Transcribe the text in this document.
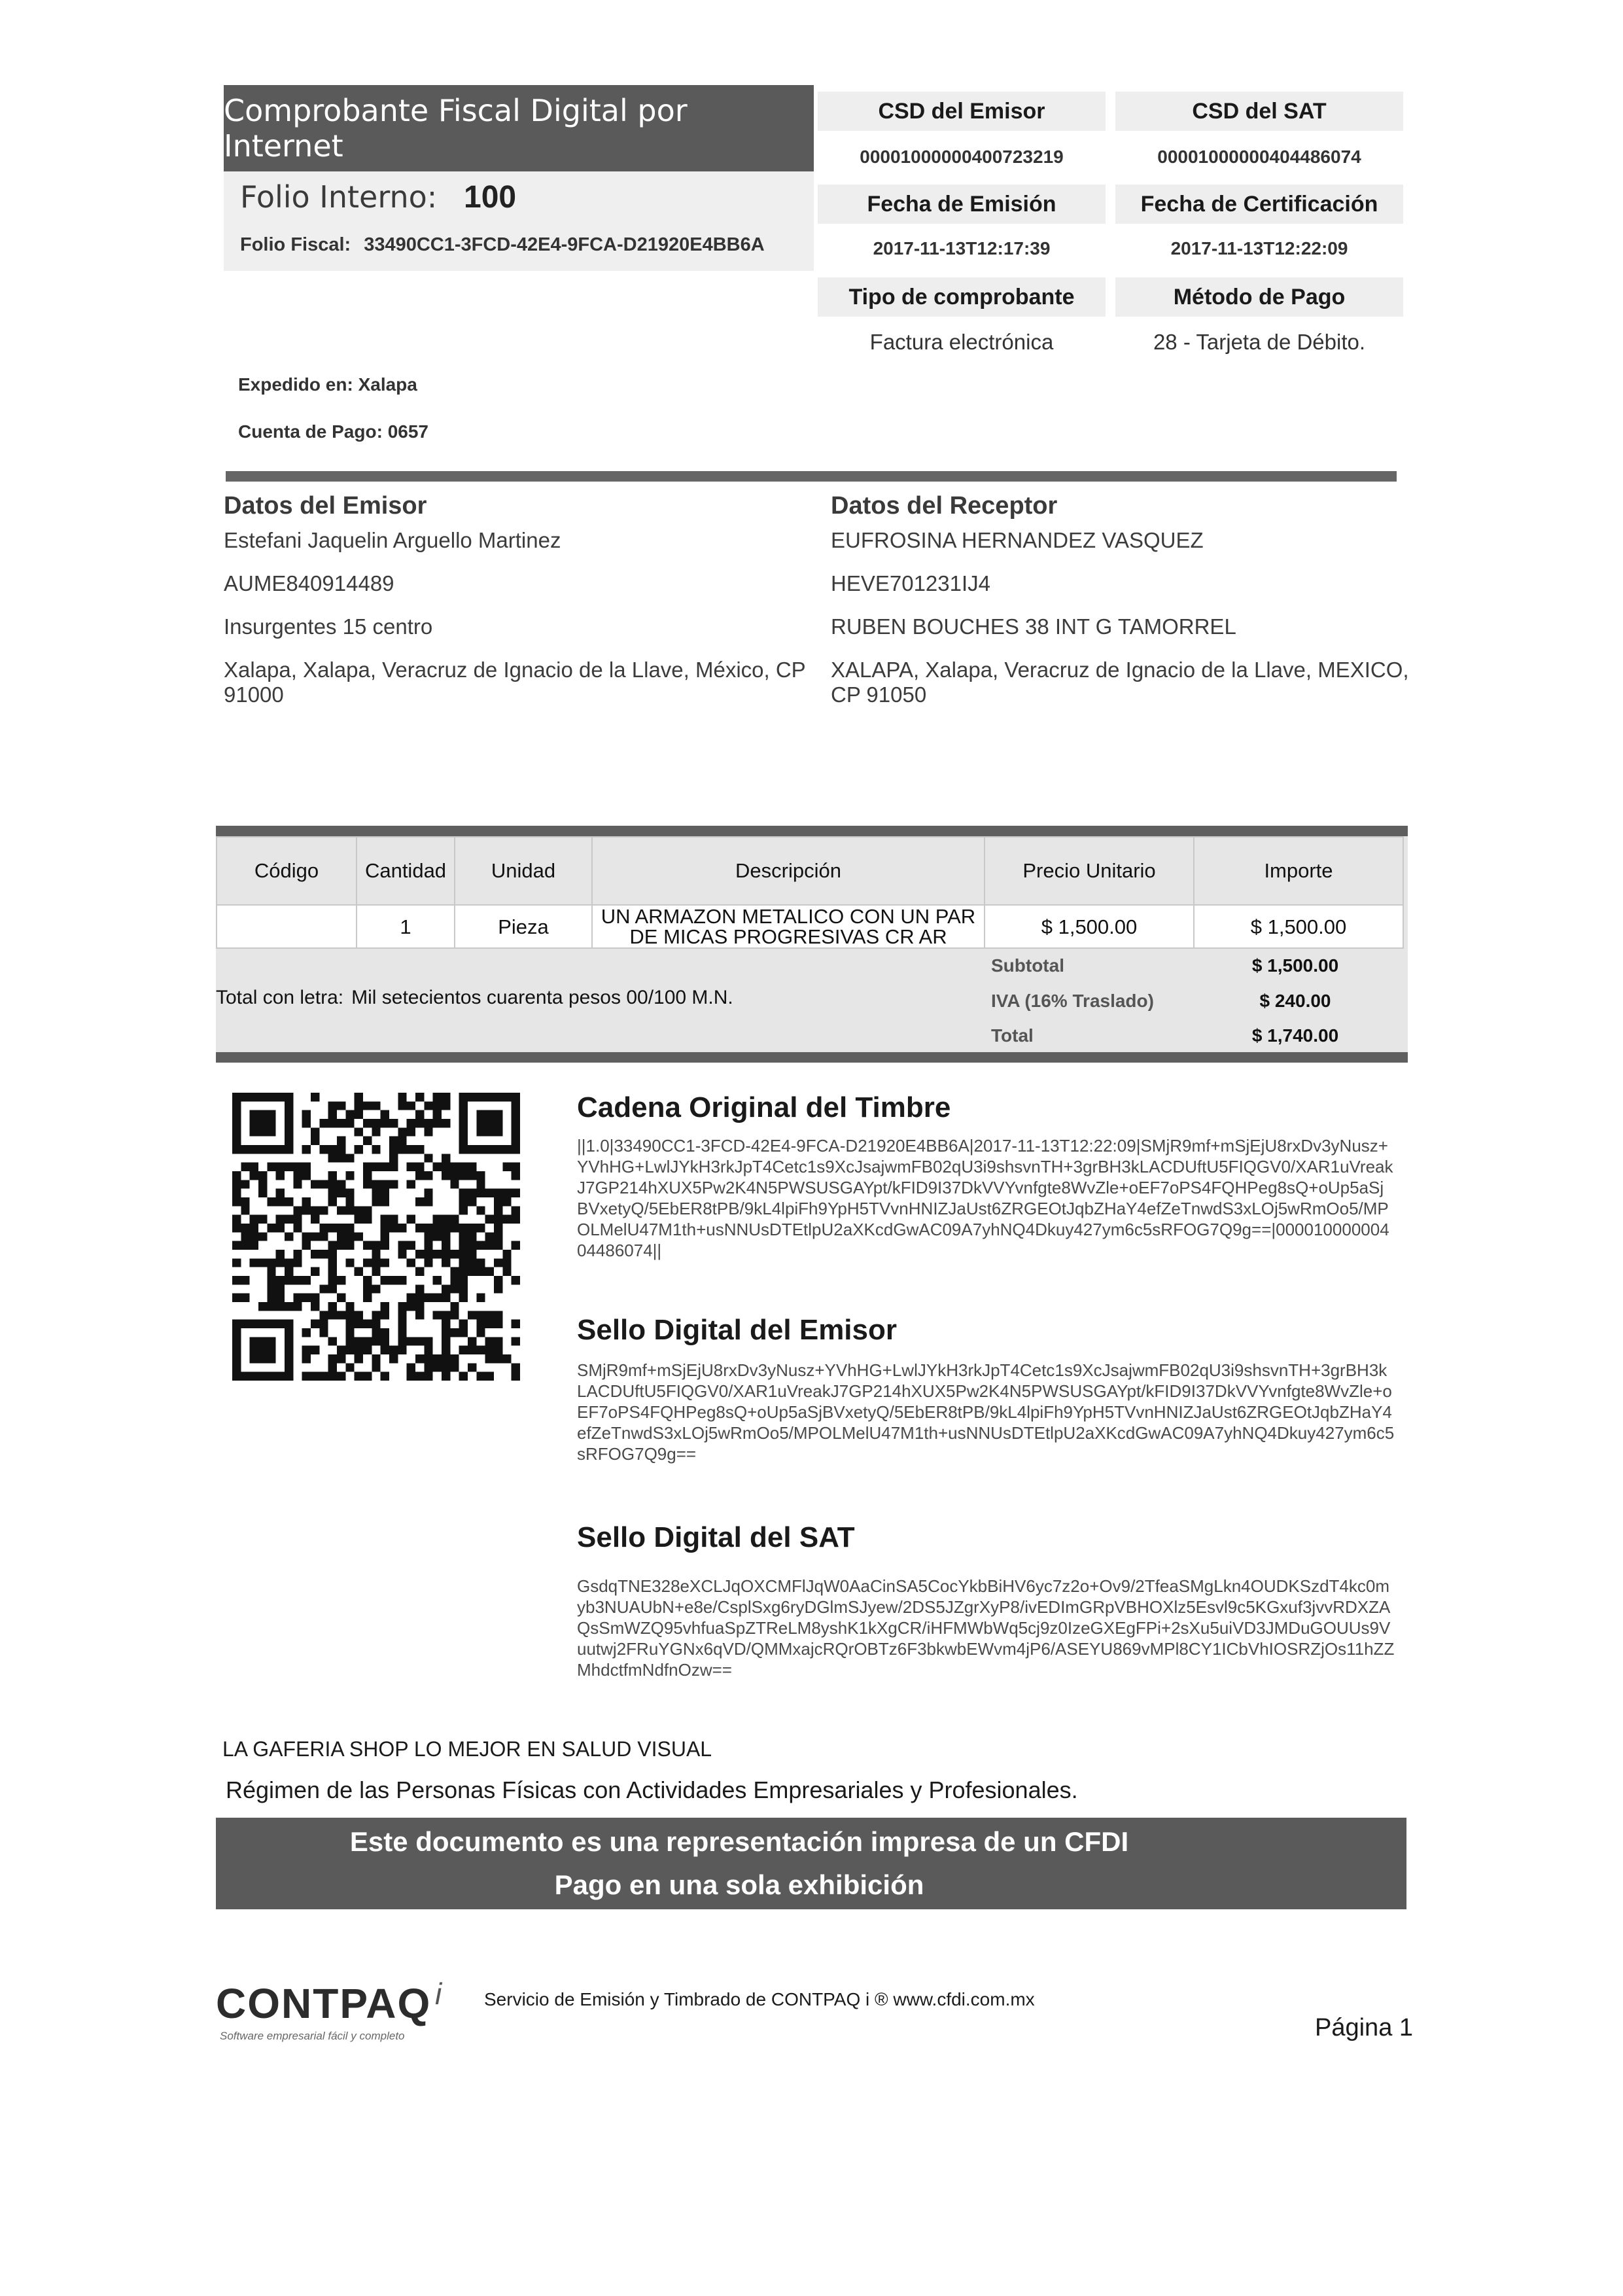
Comprobante Fiscal Digital por Internet
Folio Interno: 100
Folio Fiscal: 33490CC1-3FCD-42E4-9FCA-D21920E4BB6A
CSD del Emisor	CSD del SAT
00001000000400723219	00001000000404486074
Fecha de Emisión	Fecha de Certificación
2017-11-13T12:17:39	2017-11-13T12:22:09
Tipo de comprobante	Método de Pago
Factura electrónica	28 - Tarjeta de Débito.
Expedido en: Xalapa
Cuenta de Pago: 0657
Datos del Emisor
Estefani Jaquelin Arguello Martinez
AUME840914489
Insurgentes 15 centro
Xalapa, Xalapa, Veracruz de Ignacio de la Llave, México, CP 91000
Datos del Receptor
EUFROSINA HERNANDEZ VASQUEZ
HEVE701231IJ4
RUBEN BOUCHES 38 INT G TAMORREL
XALAPA, Xalapa, Veracruz de Ignacio de la Llave, MEXICO, CP 91050
Código	Cantidad	Unidad	Descripción	Precio Unitario	Importe
	1	Pieza	UN ARMAZON METALICO CON UN PAR DE MICAS PROGRESIVAS CR AR	$ 1,500.00	$ 1,500.00
Total con letra: Mil setecientos cuarenta pesos 00/100 M.N.
Subtotal	$ 1,500.00
IVA (16% Traslado)	$ 240.00
Total	$ 1,740.00
Cadena Original del Timbre
||1.0|33490CC1-3FCD-42E4-9FCA-D21920E4BB6A|2017-11-13T12:22:09|SMjR9mf+mSjEjU8rxDv3yNusz+YVhHG+LwlJYkH3rkJpT4Cetc1s9XcJsajwmFB02qU3i9shsvnTH+3grBH3kLACDUftU5FIQGV0/XAR1uVreakJ7GP214hXUX5Pw2K4N5PWSUSGAYpt/kFID9I37DkVVYvnfgte8WvZle+oEF7oPS4FQHPeg8sQ+oUp5aSjBVxetyQ/5EbER8tPB/9kL4lpiFh9YpH5TVvnHNIZJaUst6ZRGEOtJqbZHaY4efZeTnwdS3xLOj5wRmOo5/MPOLMelU47M1th+usNNUsDTEtlpU2aXKcdGwAC09A7yhNQ4Dkuy427ym6c5sRFOG7Q9g==|00001000000404486074||
Sello Digital del Emisor
SMjR9mf+mSjEjU8rxDv3yNusz+YVhHG+LwlJYkH3rkJpT4Cetc1s9XcJsajwmFB02qU3i9shsvnTH+3grBH3kLACDUftU5FIQGV0/XAR1uVreakJ7GP214hXUX5Pw2K4N5PWSUSGAYpt/kFID9I37DkVVYvnfgte8WvZle+oEF7oPS4FQHPeg8sQ+oUp5aSjBVxetyQ/5EbER8tPB/9kL4lpiFh9YpH5TVvnHNIZJaUst6ZRGEOtJqbZHaY4efZeTnwdS3xLOj5wRmOo5/MPOLMelU47M1th+usNNUsDTEtlpU2aXKcdGwAC09A7yhNQ4Dkuy427ym6c5sRFOG7Q9g==
Sello Digital del SAT
GsdqTNE328eXCLJqOXCMFlJqW0AaCinSA5CocYkbBiHV6yc7z2o+Ov9/2TfeaSMgLkn4OUDKSzdT4kc0myb3NUAUbN+e8e/CsplSxg6ryDGlmSJyew/2DS5JZgrXyP8/ivEDImGRpVBHOXlz5Esvl9c5KGxuf3jvvRDXZAQsSmWZQ95vhfuaSpZTReLM8yshK1kXgCR/iHFMWbWq5cj9z0IzeGXEgFPi+2sXu5uiVD3JMDuGOUUs9Vuutwj2FRuYGNx6qVD/QMMxajcRQrOBTz6F3bkwbEWvm4jP6/ASEYU869vMPl8CY1ICbVhIOSRZjOs11hZZMhdctfmNdfnOzw==
LA GAFERIA SHOP LO MEJOR EN SALUD VISUAL
Régimen de las Personas Físicas con Actividades Empresariales y Profesionales.
Este documento es una representación impresa de un CFDI
Pago en una sola exhibición
CONTPAQ i
Software empresarial fácil y completo
Servicio de Emisión y Timbrado de CONTPAQ i ® www.cfdi.com.mx
Página 1
